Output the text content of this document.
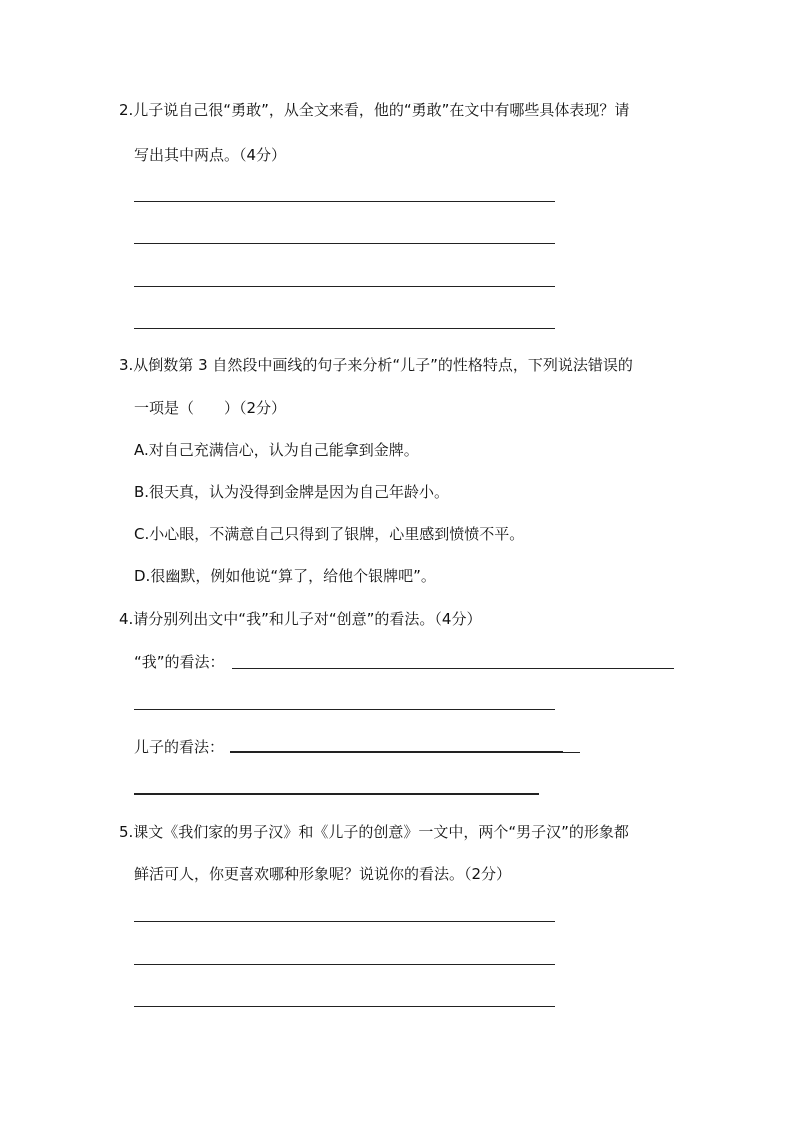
2.儿子说自己很“勇敢”，从全文来看，他的“勇敢”在文中有哪些具体表现？请
写出其中两点。（4分）
3.从倒数第 3 自然段中画线的句子来分析“儿子”的性格特点，下列说法错误的
一项是（　　）（2分）
A.对自己充满信心，认为自己能拿到金牌。
B.很天真，认为没得到金牌是因为自己年龄小。
C.小心眼，不满意自己只得到了银牌，心里感到愤愤不平。
D.很幽默，例如他说“算了，给他个银牌吧”。
4.请分别列出文中“我”和儿子对“创意”的看法。（4分）
“我”的看法：
儿子的看法：
5.课文《我们家的男子汉》和《儿子的创意》一文中，两个“男子汉”的形象都
鲜活可人，你更喜欢哪种形象呢？说说你的看法。（2分）
